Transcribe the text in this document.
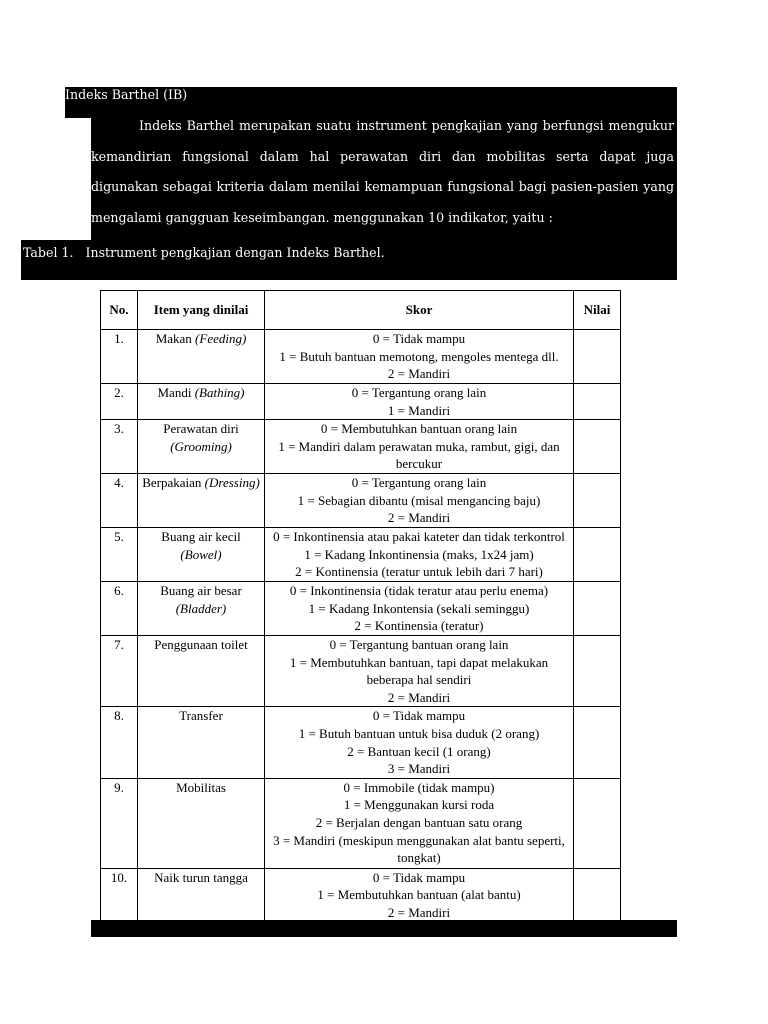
Indeks Barthel (IB)

Indeks Barthel merupakan suatu instrument pengkajian yang berfungsi mengukur kemandirian fungsional dalam hal perawatan diri dan mobilitas serta dapat juga digunakan sebagai kriteria dalam menilai kemampuan fungsional bagi pasien-pasien yang mengalami gangguan keseimbangan. menggunakan 10 indikator, yaitu :

Tabel 1.   Instrument pengkajian dengan Indeks Barthel.
No.	Item yang dinilai	Skor	Nilai
1.	Makan (Feeding)	0 = Tidak mampu
1 = Butuh bantuan memotong, mengoles mentega dll.
2 = Mandiri	

2.	Mandi (Bathing)	0 = Tergantung orang lain
1 = Mandiri	

3.	Perawatan diri
(Grooming)	0 = Membutuhkan bantuan orang lain
1 = Mandiri dalam perawatan muka, rambut, gigi, dan
bercukur	

4.	Berpakaian (Dressing)	0 = Tergantung orang lain
1 = Sebagian dibantu (misal mengancing baju)
2 = Mandiri	

5.	Buang air kecil
(Bowel)	0 = Inkontinensia atau pakai kateter dan tidak terkontrol
1 = Kadang Inkontinensia (maks, 1x24 jam)
2 = Kontinensia (teratur untuk lebih dari 7 hari)	

6.	Buang air besar
(Bladder)	0 = Inkontinensia (tidak teratur atau perlu enema)
1 = Kadang Inkontensia (sekali seminggu)
2 = Kontinensia (teratur)	

7.	Penggunaan toilet	0 = Tergantung bantuan orang lain
1 = Membutuhkan bantuan, tapi dapat melakukan
beberapa hal sendiri
2 = Mandiri	

8.	Transfer	0 = Tidak mampu
1 = Butuh bantuan untuk bisa duduk (2 orang)
2 = Bantuan kecil (1 orang)
3 = Mandiri	

9.	Mobilitas	0 = Immobile (tidak mampu)
1 = Menggunakan kursi roda
2 = Berjalan dengan bantuan satu orang
3 = Mandiri (meskipun menggunakan alat bantu seperti,
tongkat)	

10.	Naik turun tangga	0 = Tidak mampu
1 = Membutuhkan bantuan (alat bantu)
2 = Mandiri	
